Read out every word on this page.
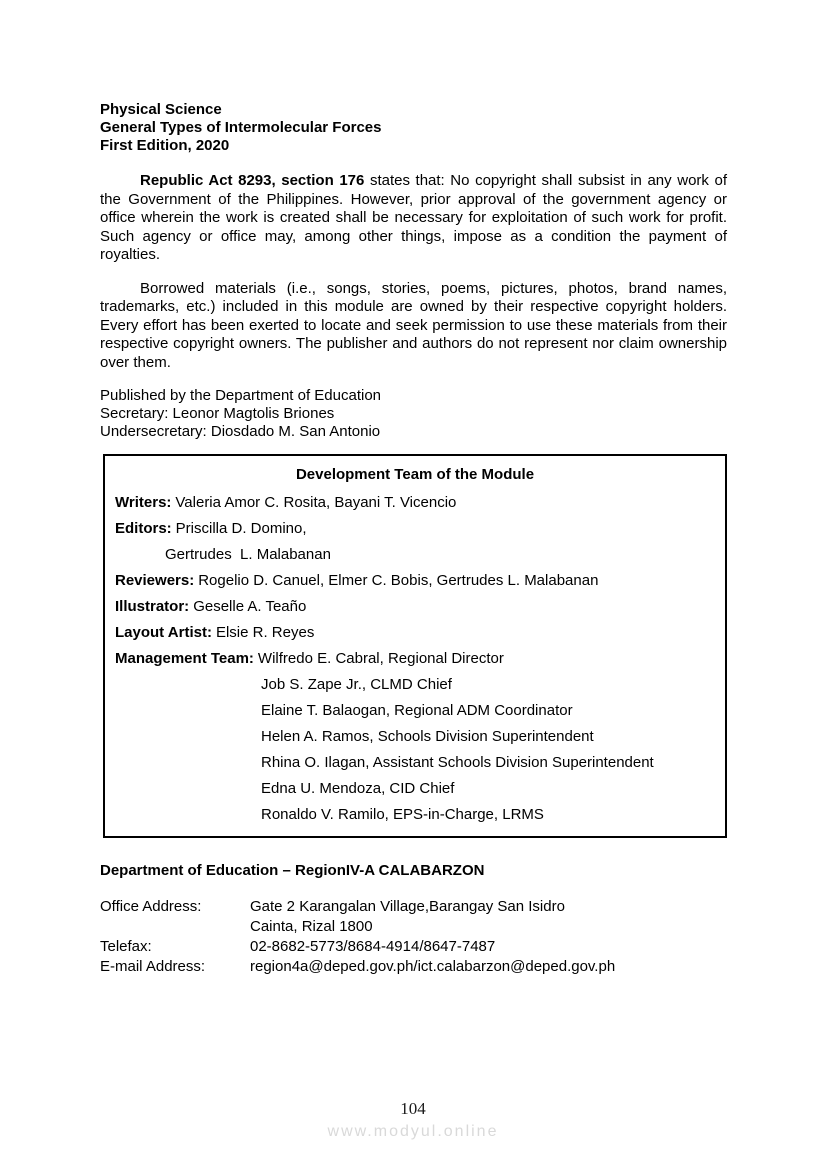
Physical Science
General Types of Intermolecular Forces
First Edition, 2020

Republic Act 8293, section 176 states that: No copyright shall subsist in any work of the Government of the Philippines. However, prior approval of the government agency or office wherein the work is created shall be necessary for exploitation of such work for profit. Such agency or office may, among other things, impose as a condition the payment of royalties.

Borrowed materials (i.e., songs, stories, poems, pictures, photos, brand names, trademarks, etc.) included in this module are owned by their respective copyright holders. Every effort has been exerted to locate and seek permission to use these materials from their respective copyright owners. The publisher and authors do not represent nor claim ownership over them.

Published by the Department of Education
Secretary: Leonor Magtolis Briones
Undersecretary: Diosdado M. San Antonio
Development Team of the Module
Writers: Valeria Amor C. Rosita, Bayani T. Vicencio
Editors: Priscilla D. Domino,
Gertrudes  L. Malabanan
Reviewers: Rogelio D. Canuel, Elmer C. Bobis, Gertrudes L. Malabanan
Illustrator: Geselle A. Teaño
Layout Artist: Elsie R. Reyes
Management Team: Wilfredo E. Cabral, Regional Director
Job S. Zape Jr., CLMD Chief
Elaine T. Balaogan, Regional ADM Coordinator
Helen A. Ramos, Schools Division Superintendent
Rhina O. Ilagan, Assistant Schools Division Superintendent
Edna U. Mendoza, CID Chief
Ronaldo V. Ramilo, EPS-in-Charge, LRMS
Department of Education – RegionIV-A CALABARZON
Office Address:	Gate 2 Karangalan Village,Barangay San Isidro
Cainta, Rizal 1800
Telefax:	02-8682-5773/8684-4914/8647-7487
E-mail Address:	region4a@deped.gov.ph/ict.calabarzon@deped.gov.ph
104
www.modyul.online
